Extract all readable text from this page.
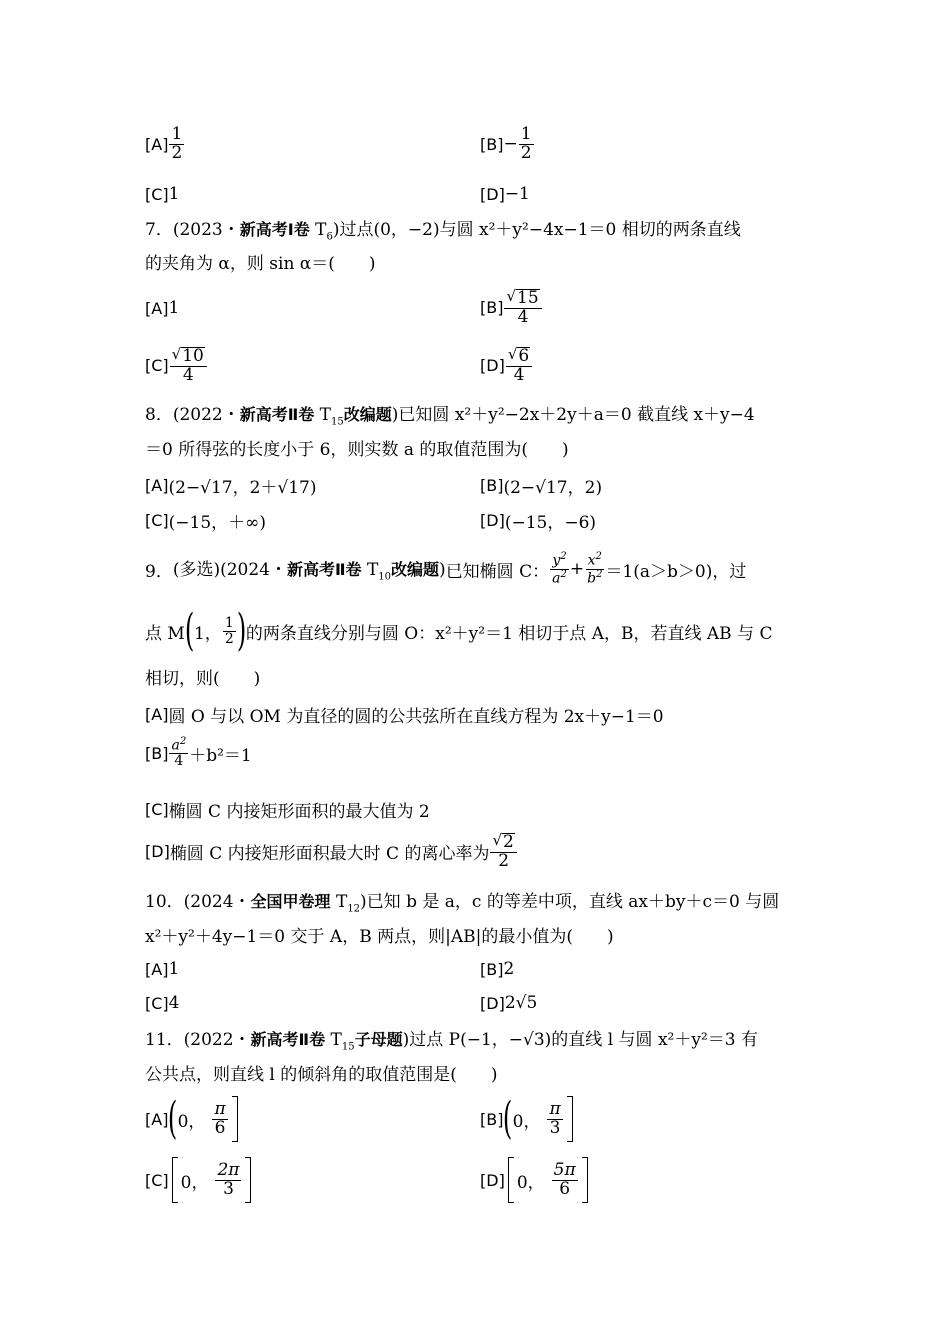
$[A] \frac{1}{2}$	$[B] - \frac{1}{2}$
[C] 1	[D] −1
7．(2023・新高考Ⅰ卷 $T_6$)过点(0，−2)与圆 x²＋y²−4x−1＝0 相切的两条直线
的夹角为 α，则 sin α＝(　　)
[A] 1	$[B] \frac{√ 15}{4}$
$[C] \frac{√ 10}{4}$	$[D] \frac{√ 6}{4}$
8．(2022・新高考Ⅱ卷 $T_{15}$改编题)已知圆 x²＋y²−2x＋2y＋a＝0 截直线 x＋y−4
＝0 所得弦的长度小于 6，则实数 a 的取值范围为(　　)
[A] (2−√17，2＋√17)	[B] (2−√17，2)
[C] (−15，＋∞)	[D] (−15，−6)
9． (多选)(2024・新高考Ⅱ卷 $T_{10}$改编题) 已知椭圆 C： $\frac{y^2}{a^2} + \frac{x^2}{b^2} =1(a>b>0)$，过
点 M ( 1， $\frac{1}{2}$ ) 的两条直线分别与圆 O：x²＋y²＝1 相切于点 A，B，若直线 AB 与 C
相切，则(　　)
[A] 圆 O 与以 OM 为直径的圆的公共弦所在直线方程为 2x＋y−1＝0
$[B] \frac{a^2}{4} +b^2=1$
[C] 椭圆 C 内接矩形面积的最大值为 2
[D] 椭圆 C 内接矩形面积最大时 C 的离心率为 $\frac{√ 2}{2}$
10．(2024・全国甲卷理 $T_{12}$)已知 b 是 a，c 的等差中项，直线 ax＋by＋c＝0 与圆
x²＋y²＋4y−1＝0 交于 A，B 两点，则|AB|的最小值为(　　)
[A] 1	[B] 2
[C] 4	[D] 2√5
11．(2022・新高考Ⅱ卷 $T_{15}$子母题)过点 P(−1，−√3)的直线 l 与圆 x²＋y²＝3 有
公共点，则直线 l 的倾斜角的取值范围是(　　)
[A] ( 0， $\frac{\pi}{6}$	[B] ( 0， $\frac{\pi}{3}$
[C] 0， $\frac{2\pi}{3}$	[D] 0， $\frac{5\pi}{6}$
